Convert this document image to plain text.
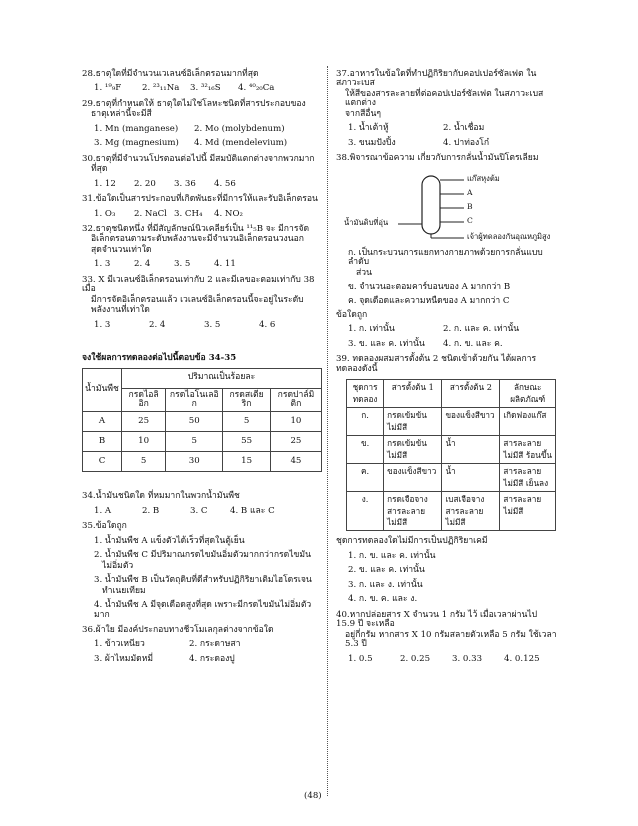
28.ธาตุใดที่มีจำนวนเวเลนซ์อิเล็กตรอนมากที่สุด
1. ¹⁹₉F	2. ²³₁₁Na	3. ³²₁₆S	4. ⁴⁰₂₀Ca
29.ธาตุที่กำหนดให้ ธาตุใดไม่ใช่โลหะชนิดที่สารประกอบของ
ธาตุเหล่านี้จะมีสี
1. Mn (manganese)	2. Mo (molybdenum)
3. Mg (magnesium)	4. Md (mendelevium)
30.ธาตุที่มีจำนวนโปรตอนต่อไปนี้ มีสมบัติแตกต่างจากพวกมาก
ที่สุด
1. 12	2. 20	3. 36	4. 56
31.ข้อใดเป็นสารประกอบที่เกิดพันธะที่มีการให้และรับอิเล็กตรอน
1. O₃	2. NaCl 3. CH₄	4. NO₂
32.ธาตุชนิดหนึ่ง ที่มีสัญลักษณ์นิวเคลียร์เป็น ¹¹₅B จะ มีการจัด
อิเล็กตรอนตามระดับพลังงานจะมีจำนวนอิเล็กตรอนวงนอก
สุดจำนวนเท่าใด
1. 3	2. 4	3. 5	4. 11
33. X มีเวเลนซ์อิเล็กตรอนเท่ากับ 2 และมีเลขอะตอมเท่ากับ 38 เมื่อ
มีการจัดอิเล็กตรอนแล้ว เวเลนซ์อิเล็กตรอนนี้จะอยู่ในระดับ
พลังงานที่เท่าใด
1. 3	2. 4	3. 5	4. 6
จงใช้ผลการทดลองต่อไปนี้ตอบข้อ 34-35
น้ำมันพืช	ปริมาณเป็นร้อยละ			
	กรดไอลิอิก	กรดไอโนเลอิก	กรดสเตียริก	กรดปาล์มิติก
A	25	50	5	10
B	10	5	55	25
C	5	30	15	45
34.น้ำมันชนิดใด ที่หมมากในพวกน้ำมันพืช
1. A	2. B	3. C	4. B และ C
35.ข้อใดถูก
1. น้ำมันพืช A แข็งตัวได้เร็วที่สุดในตู้เย็น
2. น้ำมันพืช C มีปริมาณกรดไขมันอิ่มตัวมากกว่ากรดไขมัน
ไม่อิ่มตัว
3. น้ำมันพืช B เป็นวัตถุดิบที่ดีสำหรับปฏิกิริยาเติมไฮโดรเจน
ทำเนยเทียม
4. น้ำมันพืช A มีจุดเดือดสูงที่สุด เพราะมีกรดไขมันไม่อิ่มตัวมาก
36.ผ้าใย มีองค์ประกอบทางชีวโมเลกุลต่างจากข้อใด
1. ข้าวเหนียว	2. กระดาษสา
3. ผ้าไหมมัดหมี่	4. กระดองปู
37.อาหารในข้อใดที่ทำปฏิกิริยากับคอปเปอร์ซัลเฟต ในสภาวะเบส
ให้สีของสารละลายที่ต่อคอปเปอร์ซัลเฟต ในสภาวะเบส แตกต่าง
จากสีอื่นๆ
1. น้ำเต้าหู้	2. น้ำเชื่อม
3. ขนมปังปิ้ง	4. ปาท่องโก๋
38.พิจารณาข้อความ เกี่ยวกับการกลั่นน้ำมันปิโตรเลียม
แก๊สหุงต้ม
A
B
C
น้ำมันดิบที่อุ่น
เจ้าผู้ทดลองกันอุณหภูมิสูง
ก. เป็นกระบวนการแยกทางกายภาพด้วยการกลั่นแบบลำดับ
ส่วน
ข. จำนวนอะตอมคาร์บอนของ A มากกว่า B
ค. จุดเดือดและความหนืดของ A มากกว่า C
ข้อใดถูก
1. ก. เท่านั้น	2. ก. และ ค. เท่านั้น
3. ข. และ ค. เท่านั้น	4. ก. ข. และ ค.
39. ทดลองผสมสารตั้งต้น 2 ชนิดเข้าด้วยกัน ได้ผลการทดลองดังนี้
ชุดการทดลอง	สารตั้งต้น 1	สารตั้งต้น 2	ลักษณะผลิตภัณฑ์
ก.	กรดเข้มข้นไม่มีสี	ของแข็งสีขาว	เกิดฟองแก๊ส
ข.	กรดเข้มข้นไม่มีสี	น้ำ	สารละลายไม่มีสี ร้อนขึ้น
ค.	ของแข็งสีขาว	น้ำ	สารละลายไม่มีสี เย็นลง
ง.	กรดเจือจางสารละลายไม่มีสี	เบสเจือจางสารละลายไม่มีสี	สารละลายไม่มีสี
ชุดการทดลองใดไม่มีการเป็นปฏิกิริยาเคมี
1. ก. ข. และ ค. เท่านั้น
2. ข. และ ค. เท่านั้น
3. ก. และ ง. เท่านั้น
4. ก. ข. ค. และ ง.
40.หากปล่อยสาร X จำนวน 1 กรัม ไว้ เมื่อเวลาผ่านไป 15.9 ปี จะเหลือ
อยู่กี่กรัม หากสาร X 10 กรัมสลายตัวเหลือ 5 กรัม ใช้เวลา 5.3 ปี
1. 0.5	2. 0.25	3. 0.33	4. 0.125
(48)
